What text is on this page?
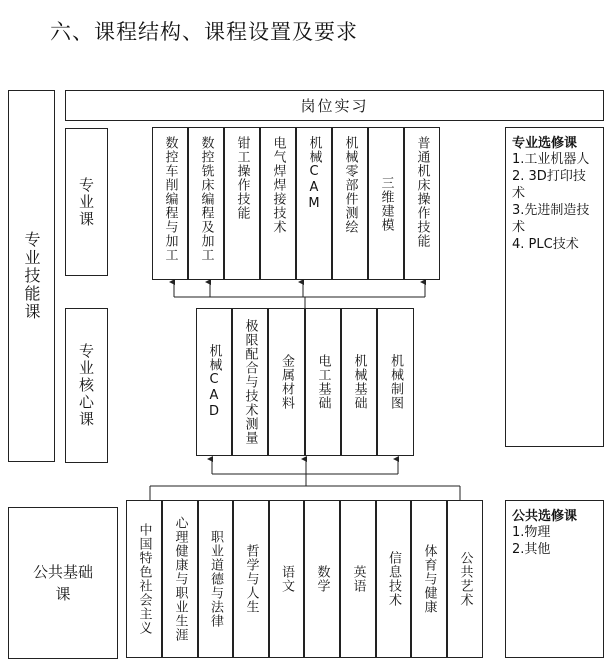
六、课程结构、课程设置及要求
专业技能课
公共基础课
岗位实习
专业课
专业核心课
数控车削编程与加工 数控铣床编程及加工 钳工操作技能 电气焊焊接技术 机械CAM 机械零部件测绘 三维建模 普通机床操作技能
机械CAD 极限配合与技术测量 金属材料 电工基础 机械基础 机械制图
中国特色社会主义 心理健康与职业生涯 职业道德与法律 哲学与人生 语文 数学 英语 信息技术 体育与健康 公共艺术
专业选修课
1.工业机器人
2. 3D打印技术
3.先进制造技术
4. PLC技术
公共选修课
1.物理
2.其他
